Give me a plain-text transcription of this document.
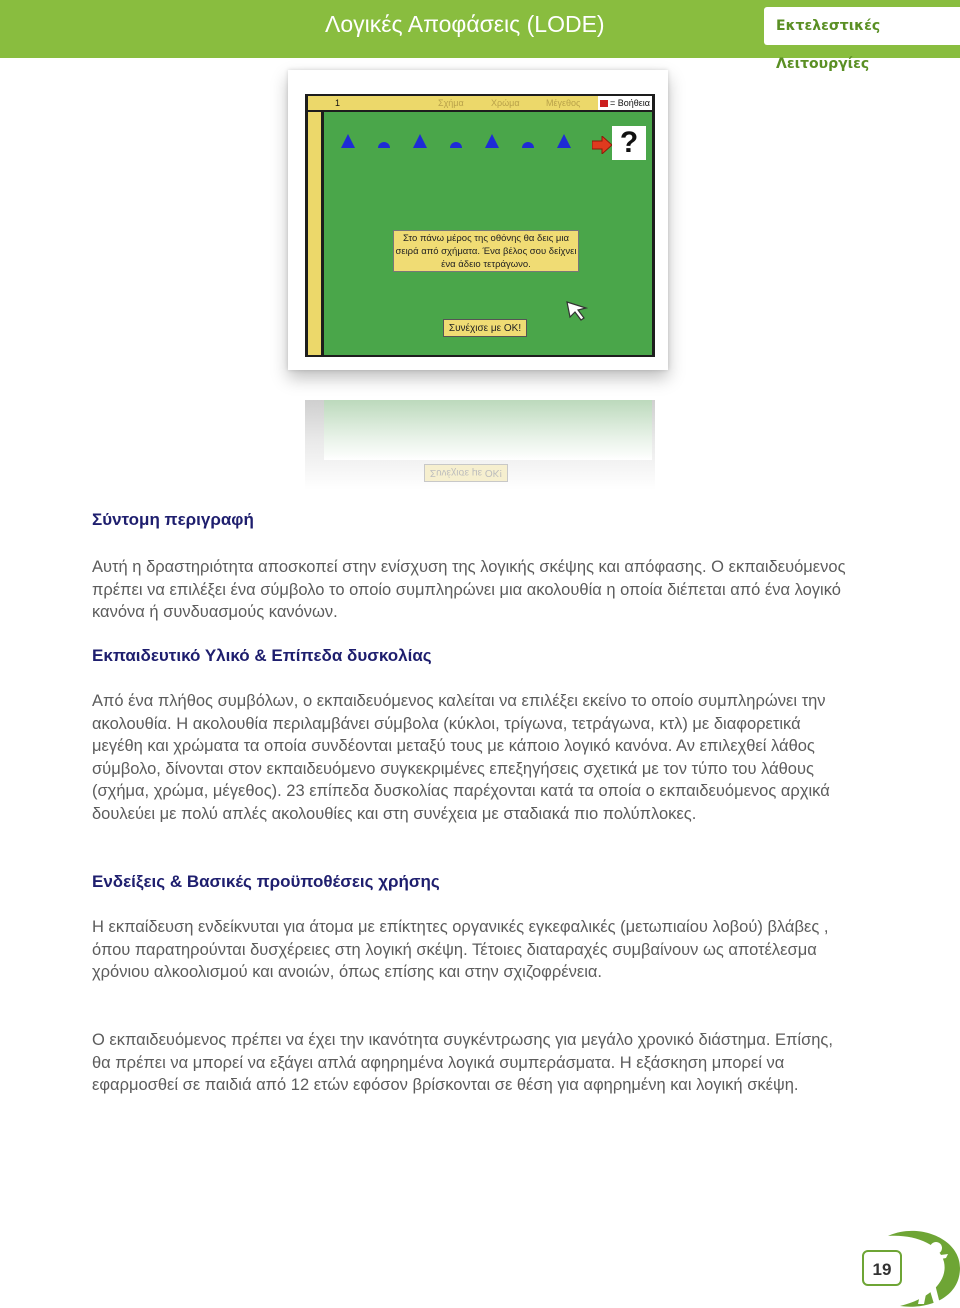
Λογικές Αποφάσεις (LODE)	Εκτελεστικές Λειτουργίες
1	Σχήμα	Χρώμα	Μέγεθος	= Βοήθεια
?
Στο πάνω μέρος της οθόνης θα δεις μια σειρά από σχήματα. Ένα βέλος σου δείχνει ένα άδειο τετράγωνο.
Συνέχισε με ΟΚ!
Συνέχισε με ΟΚ!
Σύντομη περιγραφή

Αυτή η δραστηριότητα αποσκοπεί στην ενίσχυση της λογικής σκέψης και απόφασης. Ο εκπαιδευόμενος πρέπει να επιλέξει ένα σύμβολο το οποίο συμπληρώνει μια ακολουθία η οποία διέπεται από ένα λογικό κανόνα ή συνδυασμούς κανόνων.

Εκπαιδευτικό Υλικό & Επίπεδα δυσκολίας

Από ένα πλήθος συμβόλων, ο εκπαιδευόμενος καλείται να επιλέξει εκείνο το οποίο συμπληρώνει την ακολουθία. Η ακολουθία περιλαμβάνει σύμβολα (κύκλοι, τρίγωνα, τετράγωνα, κτλ) με διαφορετικά μεγέθη και χρώματα τα οποία συνδέονται μεταξύ τους με κάποιο λογικό κανόνα. Αν επιλεχθεί λάθος σύμβολο, δίνονται στον εκπαιδευόμενο συγκεκριμένες επεξηγήσεις σχετικά με τον τύπο του λάθους (σχήμα, χρώμα, μέγεθος). 23 επίπεδα δυσκολίας παρέχονται κατά τα οποία ο εκπαιδευόμενος αρχικά δουλεύει με πολύ απλές ακολουθίες και στη συνέχεια με σταδιακά πιο πολύπλοκες.

Ενδείξεις & Βασικές προϋποθέσεις χρήσης

Η εκπαίδευση ενδείκνυται για άτομα με επίκτητες οργανικές εγκεφαλικές (μετωπιαίου λοβού) βλάβες , όπου παρατηρούνται δυσχέρειες στη λογική σκέψη. Τέτοιες διαταραχές συμβαίνουν ως αποτέλεσμα χρόνιου αλκοολισμού και ανοιών, όπως επίσης και στην σχιζοφρένεια.

Ο εκπαιδευόμενος πρέπει να έχει την ικανότητα συγκέντρωσης για μεγάλο χρονικό διάστημα. Επίσης, θα πρέπει να μπορεί να εξάγει απλά αφηρημένα λογικά συμπεράσματα. Η εξάσκηση μπορεί να εφαρμοσθεί σε παιδιά από 12 ετών εφόσον βρίσκονται σε θέση για αφηρημένη και λογική σκέψη.

19
